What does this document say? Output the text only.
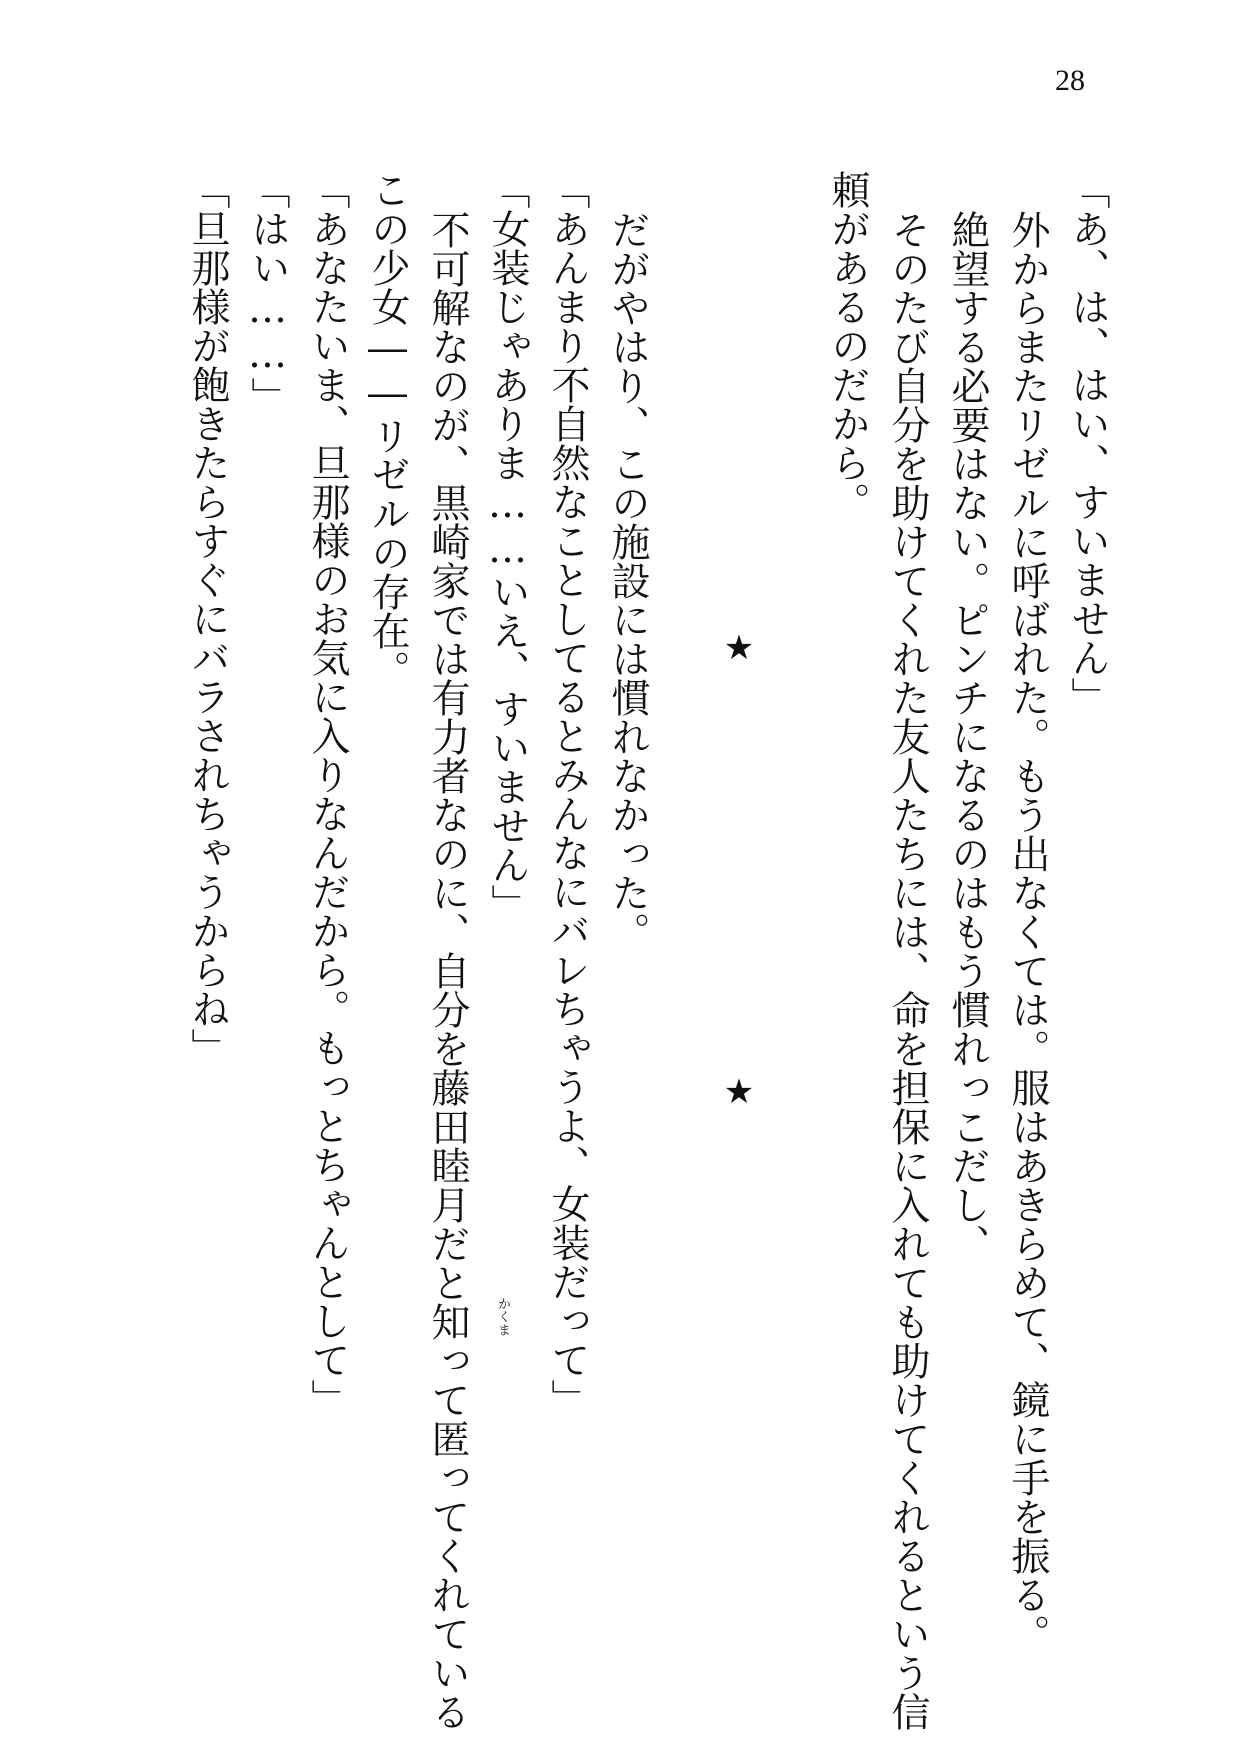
28
「あ、は、はい、すいません」
外からまたリゼルに呼ばれた。もう出なくては。服はあきらめて、鏡に手を振る。
絶望する必要はない。ピンチになるのはもう慣れっこだし、
そのたび自分を助けてくれた友人たちには、命を担保に入れても助けてくれるという信
頼があるのだから。
★
★
だがやはり、この施設には慣れなかった。
「あんまり不自然なことしてるとみんなにバレちゃうよ、女装だって」
「女装じゃありま……いえ、すいません」
不可解なのが、黒崎家では有力者なのに、自分を藤田睦月だと知って匿ってくれている
この少女――リゼルの存在。
「あなたいま、旦那様のお気に入りなんだから。もっとちゃんとして」
「はい……」
「旦那様が飽きたらすぐにバラされちゃうからね」
かくま
